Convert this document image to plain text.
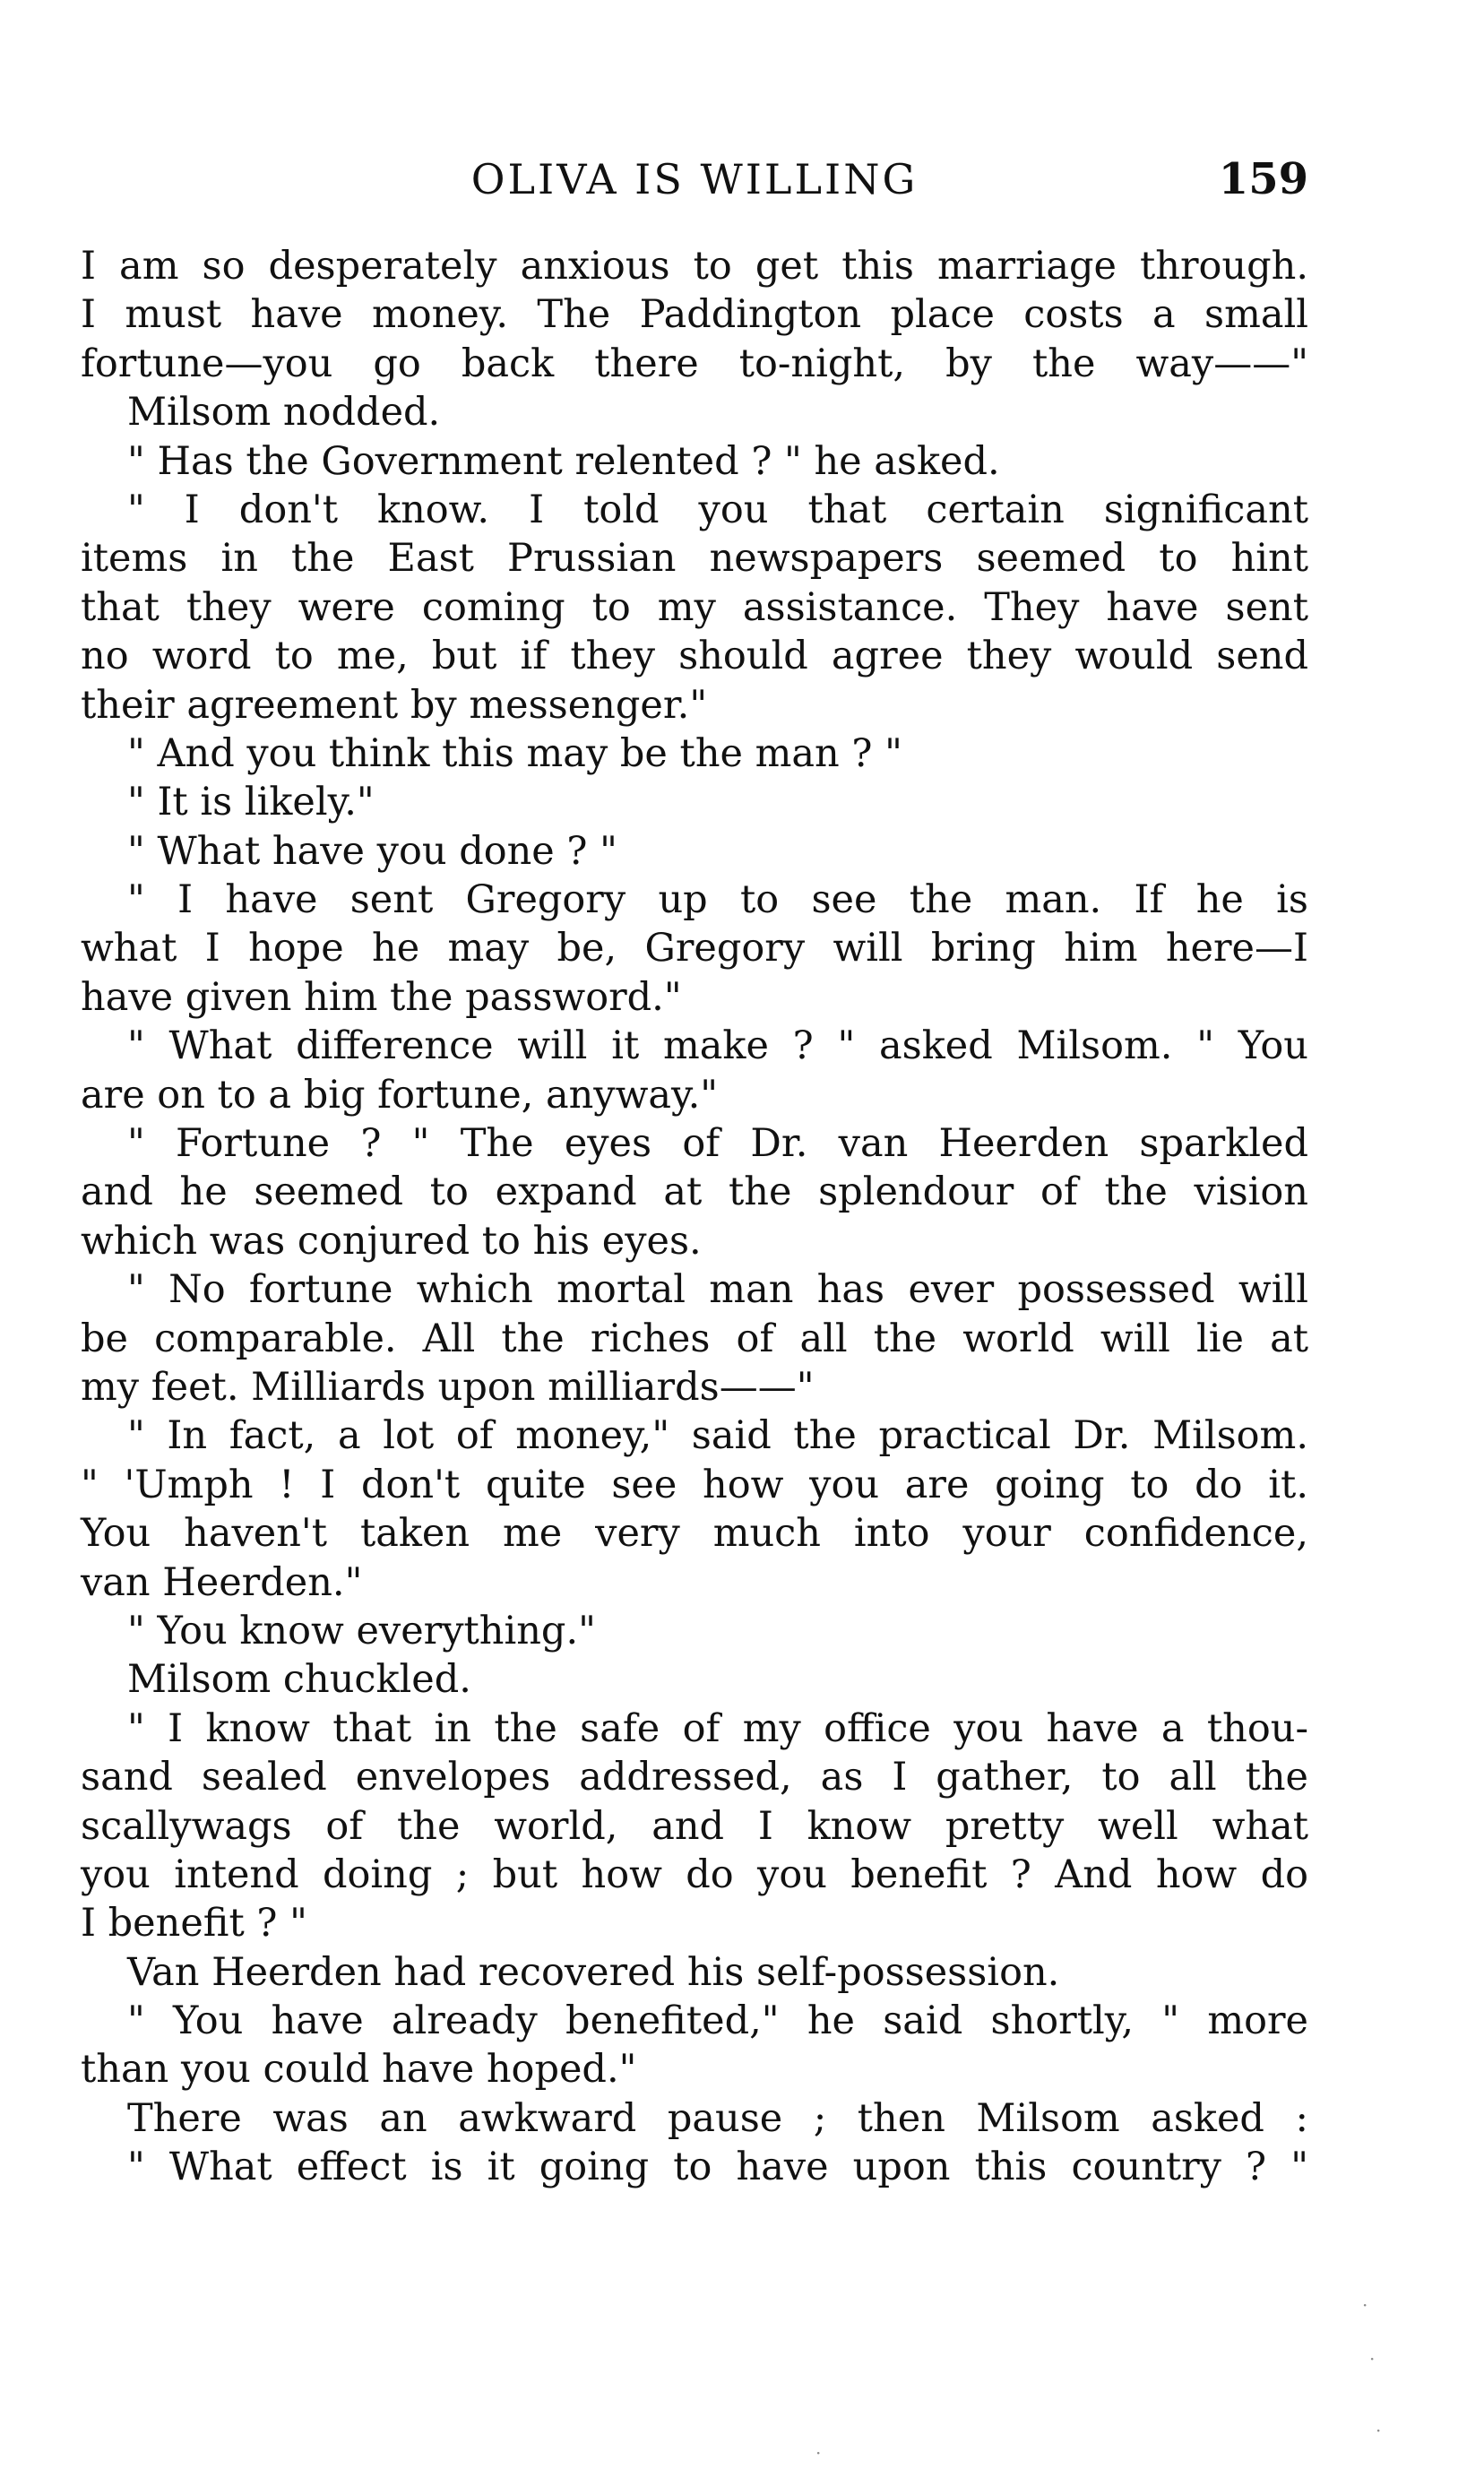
OLIVA IS WILLING	159
I am so desperately anxious to get this marriage through.
I must have money. The Paddington place costs a small
fortune—you go back there to-night, by the way——"
Milsom nodded.
" Has the Government relented ? " he asked.
" I don't know. I told you that certain significant
items in the East Prussian newspapers seemed to hint
that they were coming to my assistance. They have sent
no word to me, but if they should agree they would send
their agreement by messenger."
" And you think this may be the man ? "
" It is likely."
" What have you done ? "
" I have sent Gregory up to see the man. If he is
what I hope he may be, Gregory will bring him here—I
have given him the password."
" What difference will it make ? " asked Milsom. " You
are on to a big fortune, anyway."
" Fortune ? " The eyes of Dr. van Heerden sparkled
and he seemed to expand at the splendour of the vision
which was conjured to his eyes.
" No fortune which mortal man has ever possessed will
be comparable. All the riches of all the world will lie at
my feet. Milliards upon milliards——"
" In fact, a lot of money," said the practical Dr. Milsom.
" 'Umph ! I don't quite see how you are going to do it.
You haven't taken me very much into your confidence,
van Heerden."
" You know everything."
Milsom chuckled.
" I know that in the safe of my office you have a thou-
sand sealed envelopes addressed, as I gather, to all the
scallywags of the world, and I know pretty well what
you intend doing ; but how do you benefit ? And how do
I benefit ? "
Van Heerden had recovered his self-possession.
" You have already benefited," he said shortly, " more
than you could have hoped."
There was an awkward pause ; then Milsom asked :
" What effect is it going to have upon this country ? "
·
·
·
·
